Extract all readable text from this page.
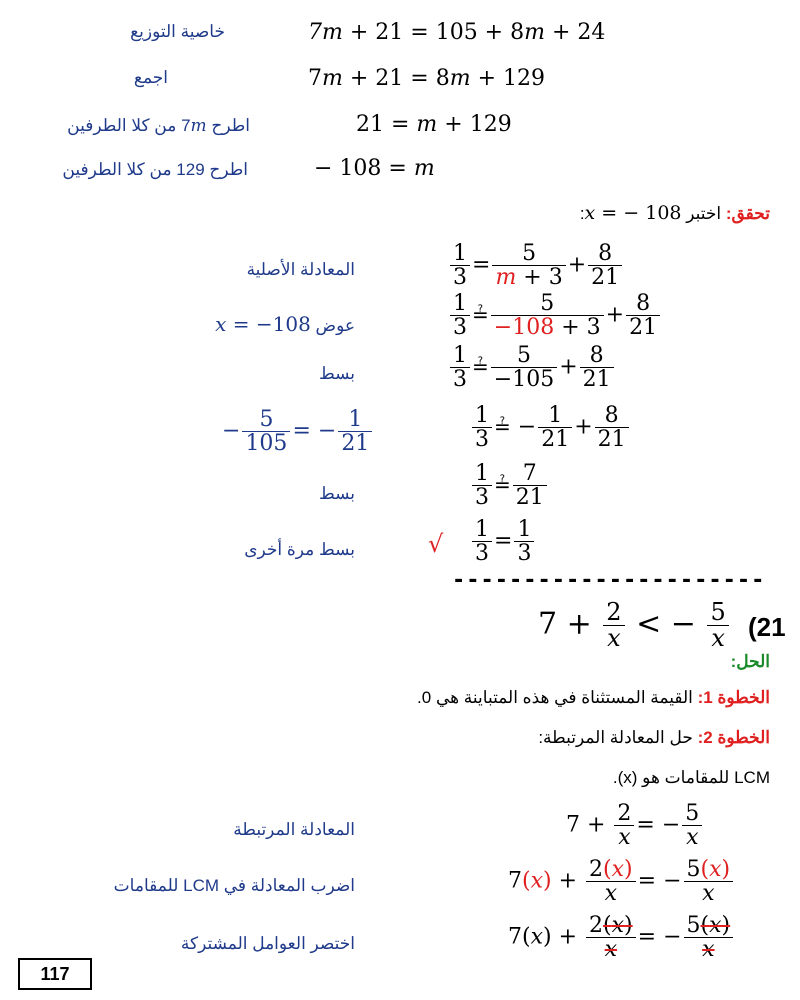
خاصية التوزيع	7m + 21 = 105 + 8m + 24
اجمع	7m + 21 = 8m + 129
اطرح 7m من كلا الطرفين	21 = m + 129
اطرح 129 من كلا الطرفين	− 108 = m
تحقق: اختبر x = − 108:
المعادلة الأصلية	$\frac{1}{3} = \frac{5}{m + 3} + \frac{8}{21}$
عوض x = −108	$\frac{1}{3}$ ≟ $\frac{5}{-108 + 3} + \frac{8}{21}$
بسط	$\frac{1}{3}$ ≟ $\frac{5}{-105} + \frac{8}{21}$
− $\frac{5}{105}$ = − $\frac{1}{21}$	$\frac{1}{3}$ ≟ − $\frac{1}{21} + \frac{8}{21}$
بسط	$\frac{1}{3}$ ≟ $\frac{7}{21}$
بسط مرة أخرى	√ $\frac{1}{3} = \frac{1}{3}$
----------------------
$7 + \frac{2}{x}$ < − $\frac{5}{x} (21$
الحل:
الخطوة 1: القيمة المستثناة في هذه المتباينة هي 0.
الخطوة 2: حل المعادلة المرتبطة:
LCM للمقامات هو (x).
المعادلة المرتبطة	$7 + \frac{2}{x}$ = − $\frac{5}{x}$
اضرب المعادلة في LCM للمقامات	$7(x) + \frac{2(x)}{x}$ = − $\frac{5(x)}{x}$
اختصر العوامل المشتركة	$7(x) + \frac{2(x)}{x}$ = − $\frac{5(x)}{x}$
117
